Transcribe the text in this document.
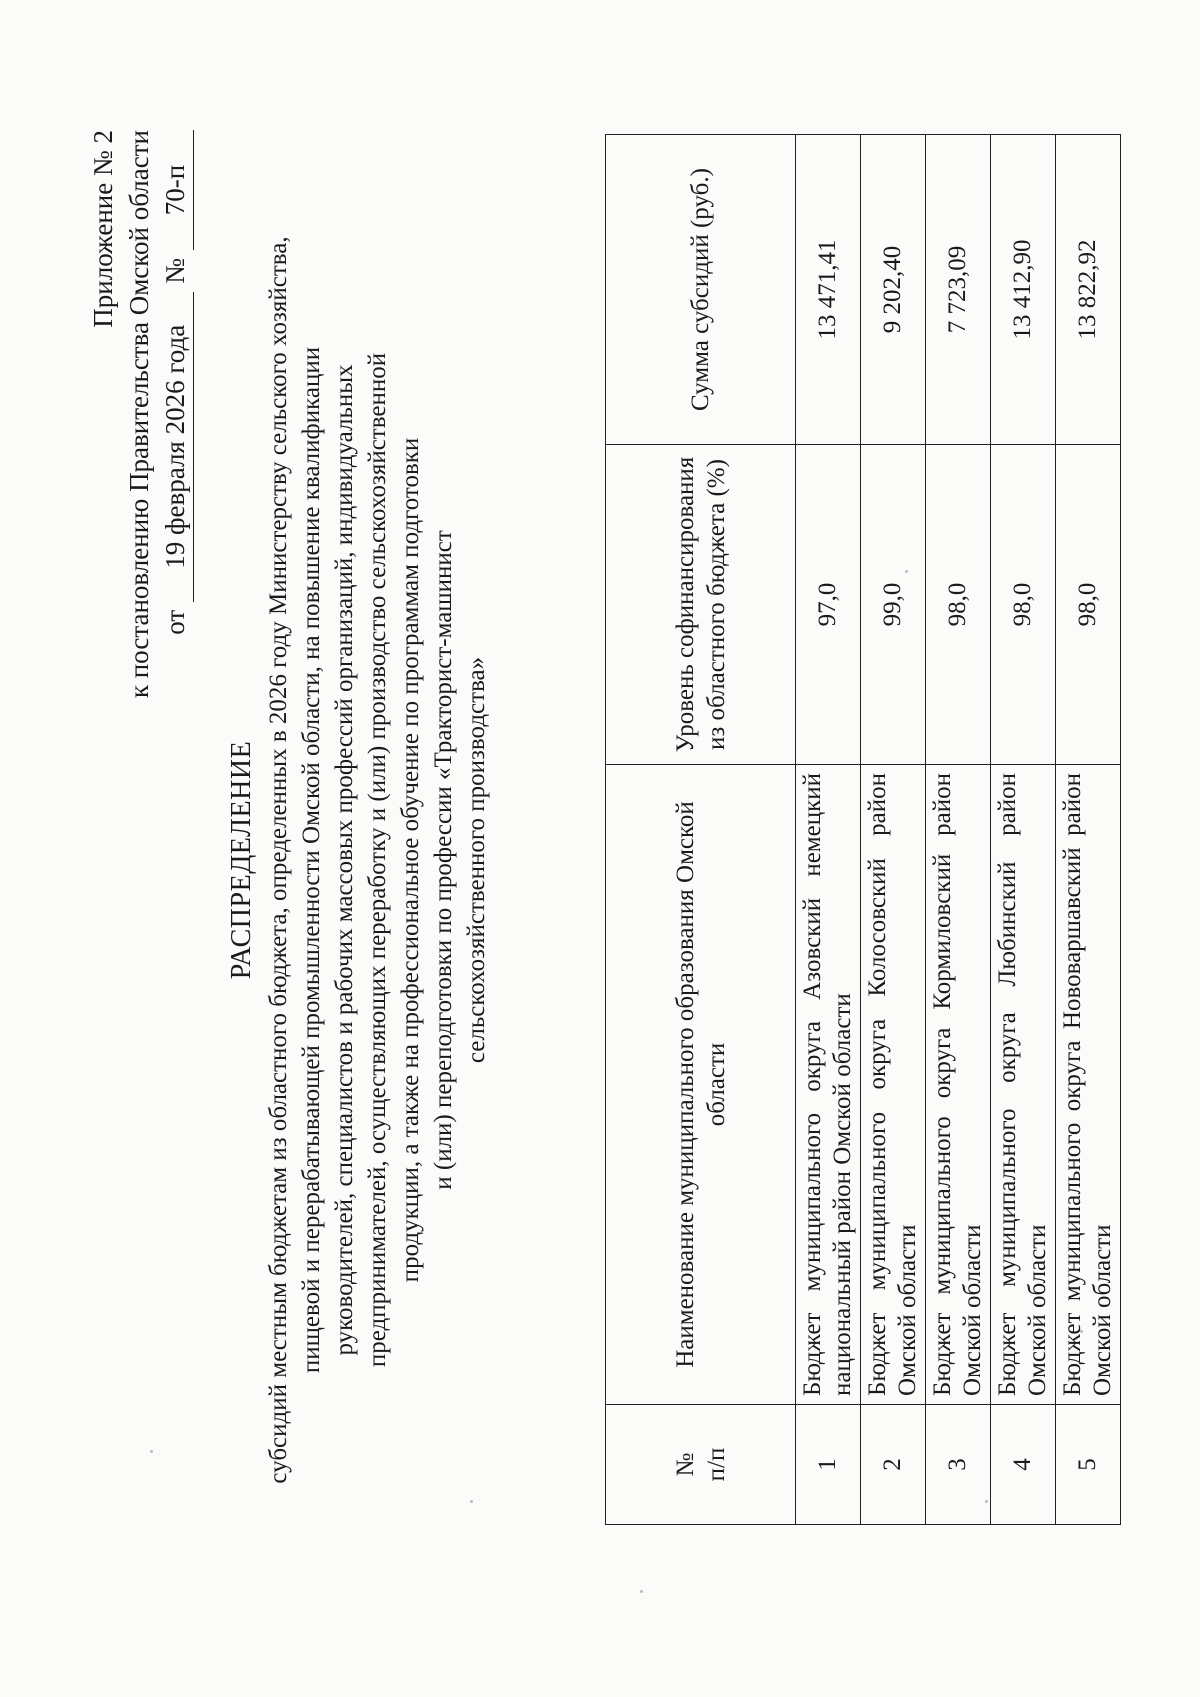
Приложение № 2 к постановлению Правительства Омской области от
19 февраля 2026 года
№
70-п
РАСПРЕДЕЛЕНИЕ субсидий местным бюджетам из областного бюджета, определенных в 2026 году Министерству сельского хозяйства, пищевой и перерабатывающей промышленности Омской области, на повышение квалификации руководителей, специалистов и рабочих массовых профессий организаций, индивидуальных предпринимателей, осуществляющих переработку и (или) производство сельскохозяйственной продукции, а также на профессиональное обучение по программам подготовки и (или) переподготовки по профессии «Тракторист-машинист сельскохозяйственного производства»
№ п/п	Наименование муниципального образования Омской области	Уровень софинансирования из областного бюджета (%)	Сумма субсидий (руб.)
1	Бюджет муниципального округа Азовский немецкий национальный район Омской области	97,0	13 471,41
2	Бюджет муниципального округа Колосовский район Омской области	99,0	9 202,40
3	Бюджет муниципального округа Кормиловский район Омской области	98,0	7 723,09
4	Бюджет муниципального округа Любинский район Омской области	98,0	13 412,90
5	Бюджет муниципального округа Нововаршавский район Омской области	98,0	13 822,92
